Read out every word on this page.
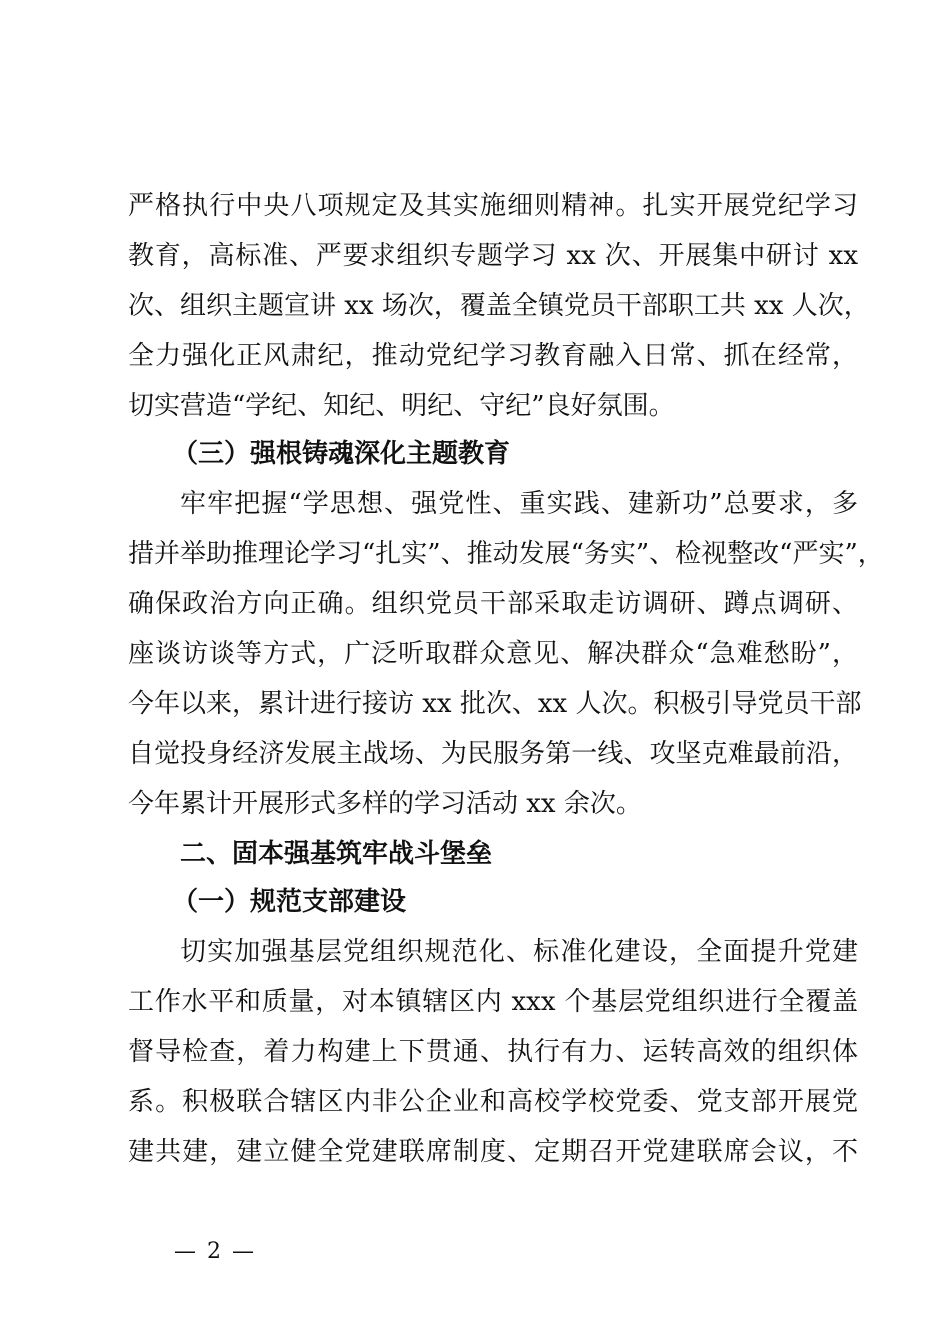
严格执行中央八项规定及其实施细则精神。扎实开展党纪学习
教育，高标准、严要求组织专题学习 xx 次、开展集中研讨 xx
次、组织主题宣讲 xx 场次，覆盖全镇党员干部职工共 xx 人次，
全力强化正风肃纪，推动党纪学习教育融入日常、抓在经常，
切实营造“学纪、知纪、明纪、守纪”良好氛围。
（三）强根铸魂深化主题教育
牢牢把握“学思想、强党性、重实践、建新功”总要求，多
措并举助推理论学习“扎实”、推动发展“务实”、检视整改“严实”，
确保政治方向正确。组织党员干部采取走访调研、蹲点调研、
座谈访谈等方式，广泛听取群众意见、解决群众“急难愁盼”，
今年以来，累计进行接访 xx 批次、xx 人次。积极引导党员干部
自觉投身经济发展主战场、为民服务第一线、攻坚克难最前沿，
今年累计开展形式多样的学习活动 xx 余次。
二、固本强基筑牢战斗堡垒
（一）规范支部建设
切实加强基层党组织规范化、标准化建设，全面提升党建
工作水平和质量，对本镇辖区内 xxx 个基层党组织进行全覆盖
督导检查，着力构建上下贯通、执行有力、运转高效的组织体
系。积极联合辖区内非公企业和高校学校党委、党支部开展党
建共建，建立健全党建联席制度、定期召开党建联席会议，不
— 2 —
